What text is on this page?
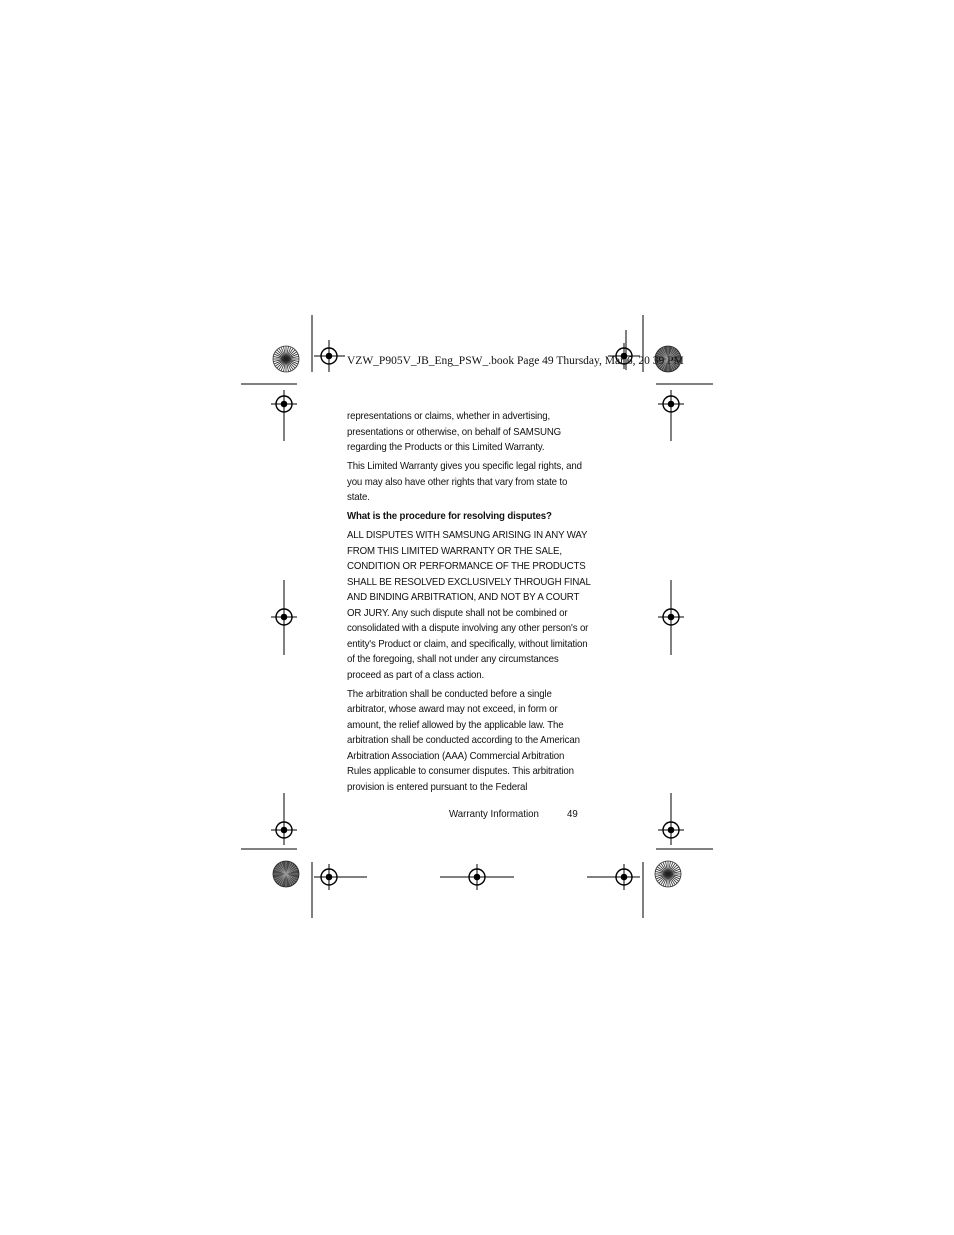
VZW_P905V_JB_Eng_PSW_.book Page 49 Thursday, Mar 6, 20 39 PM

representations or claims, whether in advertising, presentations or otherwise, on behalf of SAMSUNG regarding the Products or this Limited Warranty.

This Limited Warranty gives you specific legal rights, and you may also have other rights that vary from state to state.

What is the procedure for resolving disputes?

ALL DISPUTES WITH SAMSUNG ARISING IN ANY WAY FROM THIS LIMITED WARRANTY OR THE SALE, CONDITION OR PERFORMANCE OF THE PRODUCTS SHALL BE RESOLVED EXCLUSIVELY THROUGH FINAL AND BINDING ARBITRATION, AND NOT BY A COURT OR JURY. Any such dispute shall not be combined or consolidated with a dispute involving any other person's or entity's Product or claim, and specifically, without limitation of the foregoing, shall not under any circumstances proceed as part of a class action.

The arbitration shall be conducted before a single arbitrator, whose award may not exceed, in form or amount, the relief allowed by the applicable law. The arbitration shall be conducted according to the American Arbitration Association (AAA) Commercial Arbitration Rules applicable to consumer disputes. This arbitration provision is entered pursuant to the Federal

Warranty Information	49
